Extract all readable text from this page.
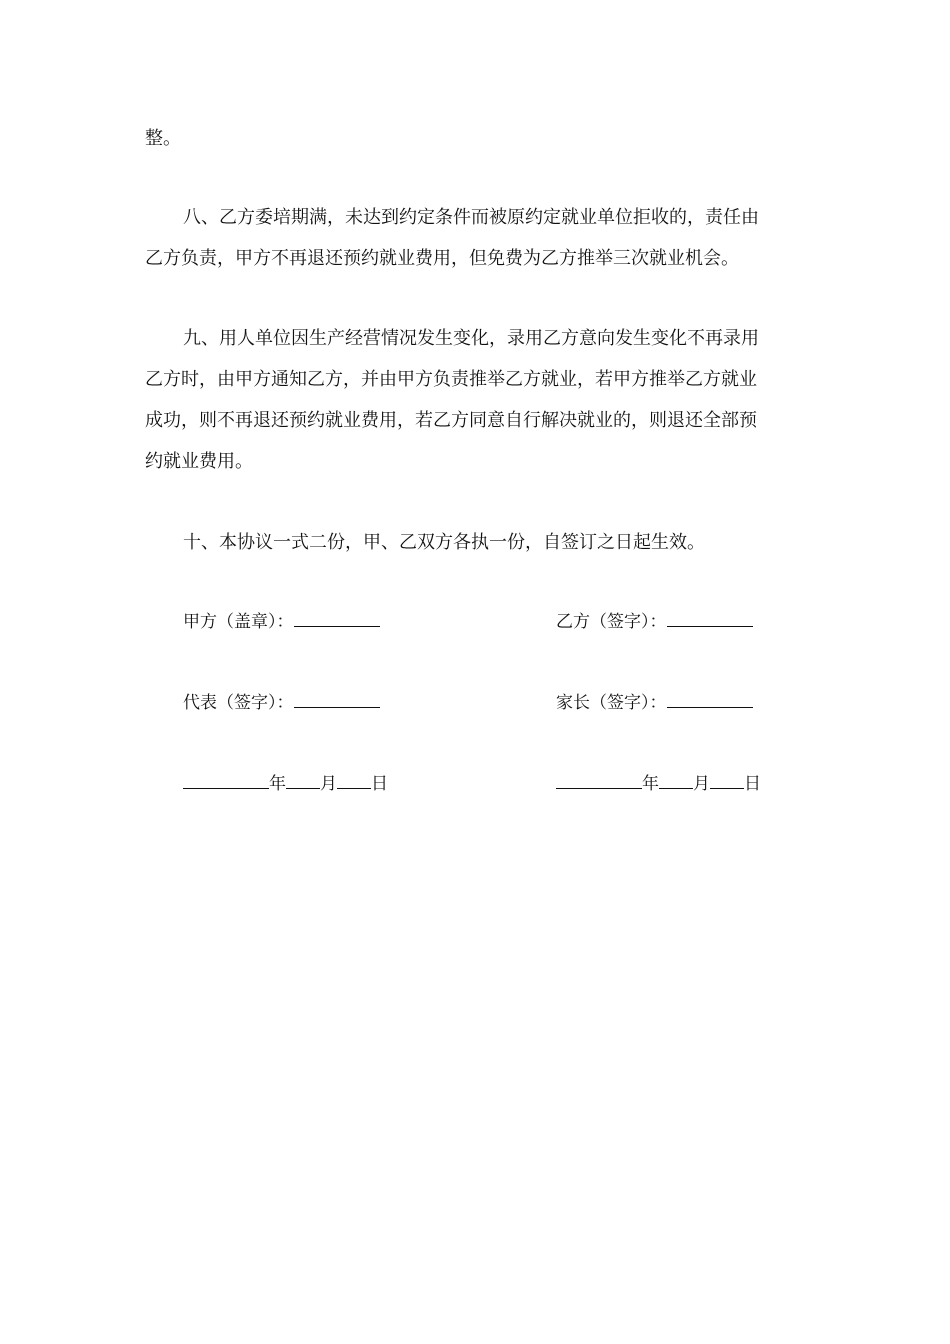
整。

八、乙方委培期满，未达到约定条件而被原约定就业单位拒收的，责任由

乙方负责，甲方不再退还预约就业费用，但免费为乙方推举三次就业机会。

九、用人单位因生产经营情况发生变化，录用乙方意向发生变化不再录用

乙方时，由甲方通知乙方，并由甲方负责推举乙方就业，若甲方推举乙方就业

成功，则不再退还预约就业费用，若乙方同意自行解决就业的，则退还全部预

约就业费用。

十、本协议一式二份，甲、乙双方各执一份，自签订之日起生效。

甲方（盖章）：	乙方（签字）：
代表（签字）：	家长（签字）：
年 月 日	年 月 日
